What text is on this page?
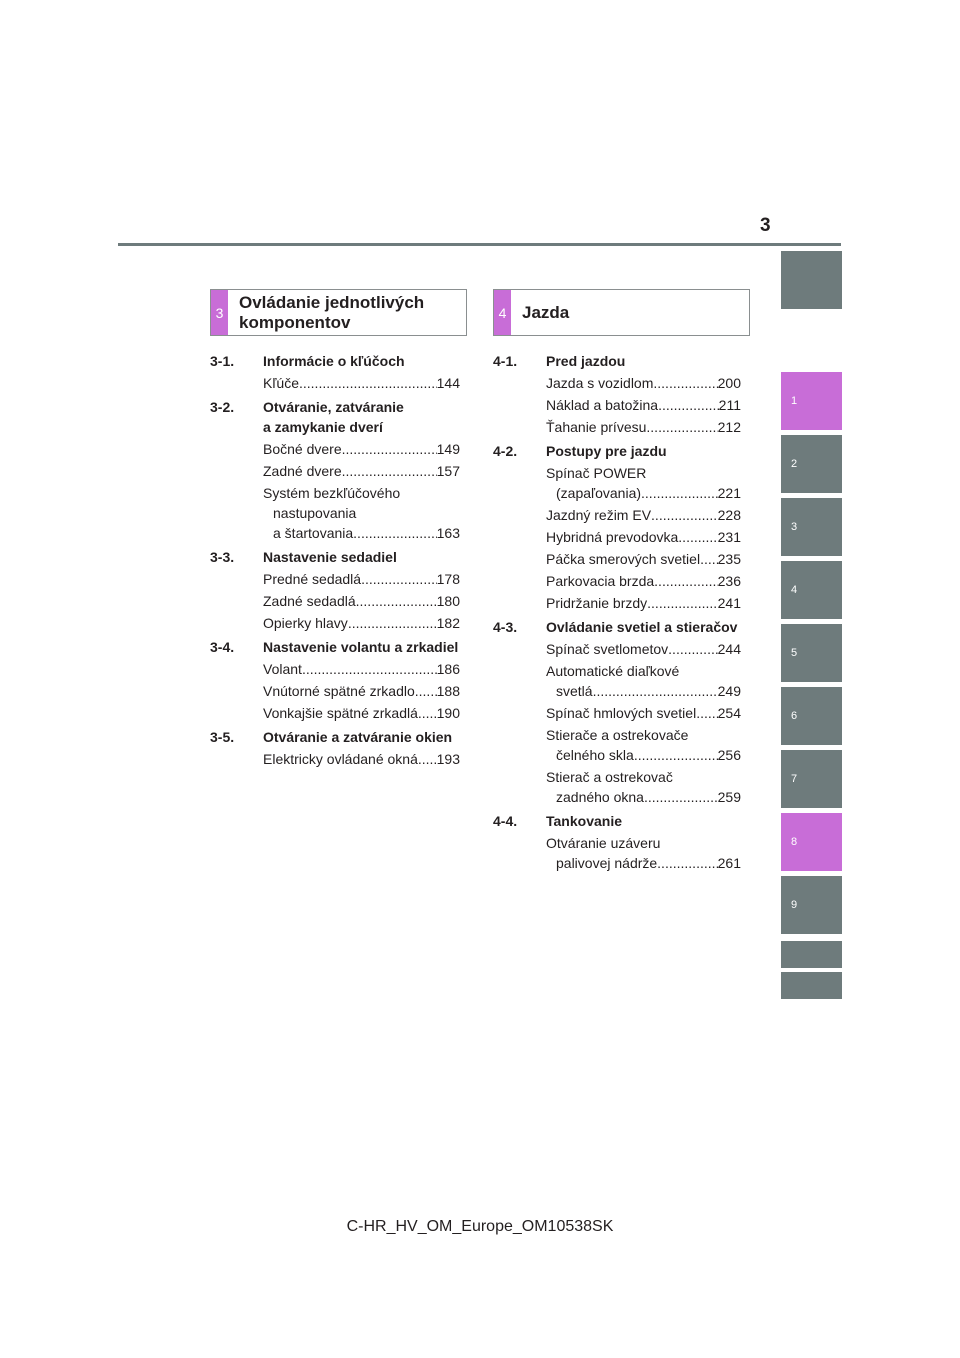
3
1
2
3
4
5
6
7
8
9
3
Ovládanie jednotlivých
komponentov	4 Jazda
3-1.	Informácie o kľúčoch
Kľúče .....	144
3-2.	Otváranie, zatváranie
a zamykanie dverí
Bočné dvere .....	149
Zadné dvere .....	157
Systém bezkľúčového
nastupovania
a štartovania .....	163
3-3.	Nastavenie sedadiel
Predné sedadlá .....	178
Zadné sedadlá .....	180
Opierky hlavy .....	182
3-4.	Nastavenie volantu a zrkadiel
Volant .....	186
Vnútorné spätné zrkadlo ..... 188
Vonkajšie spätné zrkadlá ..... 190
3-5.	Otváranie a zatváranie okien
Elektricky ovládané okná ..... 193
4-1.	Pred jazdou
Jazda s vozidlom .....	200
Náklad a batožina .....	211
Ťahanie prívesu .....	212
4-2.	Postupy pre jazdu
Spínač POWER
(zapaľovania) .....	221
Jazdný režim EV .....	228
Hybridná prevodovka .....	231
Páčka smerových svetiel ..... 235
Parkovacia brzda .....	236
Pridržanie brzdy .....	241
4-3.	Ovládanie svetiel a stieračov
Spínač svetlometov .....	244
Automatické diaľkové
svetlá .....	249
Spínač hmlových svetiel ..... 254
Stierače a ostrekovače
čelného skla .....	256
Stierač a ostrekovač
zadného okna .....	259
4-4.	Tankovanie
Otváranie uzáveru
palivovej nádrže .....	261
C-HR_HV_OM_Europe_OM10538SK
